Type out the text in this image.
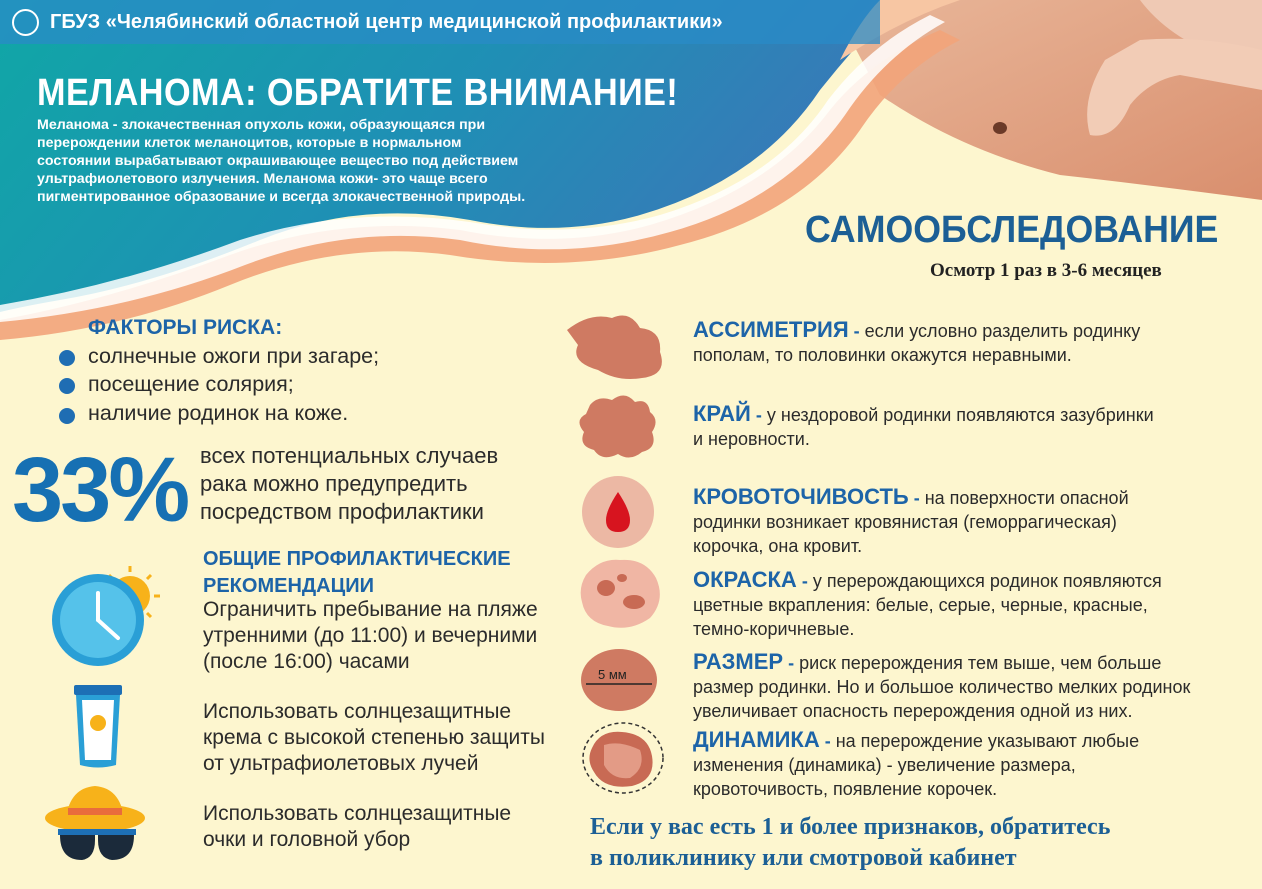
ГБУЗ «Челябинский областной центр медицинской профилактики»
МЕЛАНОМА: ОБРАТИТЕ ВНИМАНИЕ!
Меланома - злокачественная опухоль кожи, образующаяся при
перерождении клеток меланоцитов, которые в нормальном
состоянии вырабатывают окрашивающее вещество под действием
ультрафиолетового излучения. Меланома кожи- это чаще всего
пигментированное образование и всегда злокачественной природы.
САМООБСЛЕДОВАНИЕ
Осмотр 1 раз в 3-6 месяцев
ФАКТОРЫ РИСКА:
солнечные ожоги при загаре;
посещение солярия;
наличие родинок на коже.
33% всех потенциальных случаев
рака можно предупредить
посредством профилактики
ОБЩИЕ ПРОФИЛАКТИЧЕСКИЕ
РЕКОМЕНДАЦИИ
Ограничить пребывание на пляже
утренними (до 11:00) и вечерними
(после 16:00) часами
Использовать солнцезащитные
крема с высокой степенью защиты
от ультрафиолетовых лучей
Использовать солнцезащитные
очки и головной убор
АССИМЕТРИЯ - если условно разделить родинку
пополам, то половинки окажутся неравными.
КРАЙ - у нездоровой родинки появляются зазубринки
и неровности.
КРОВОТОЧИВОСТЬ - на поверхности опасной
родинки возникает кровянистая (геморрагическая)
корочка, она кровит.
ОКРАСКА - у перерождающихся родинок появляются
цветные вкрапления: белые, серые, черные, красные,
темно-коричневые.
РАЗМЕР - риск перерождения тем выше, чем больше
размер родинки. Но и большое количество мелких родинок
увеличивает опасность перерождения одной из них.
ДИНАМИКА - на перерождение указывают любые
изменения (динамика) - увеличение размера,
кровоточивость, появление корочек.
5 мм
Если у вас есть 1 и более признаков, обратитесь
в поликлинику или смотровой кабинет
